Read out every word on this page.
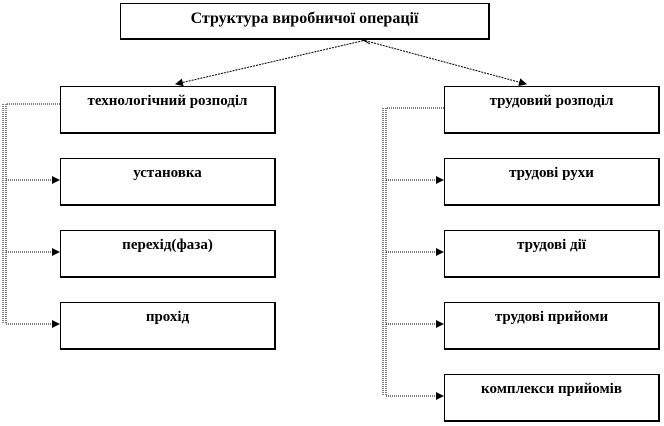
Структура виробничої операції
технологічний розподіл
установка
перехід(фаза)
прохід
трудовий розподіл
трудові рухи
трудові дії
трудові прийоми
комплекси прийомів
